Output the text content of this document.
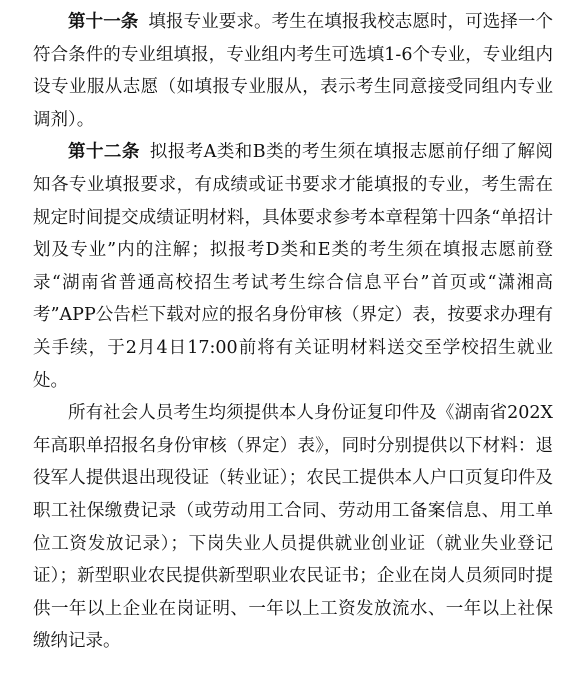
第十一条 填报专业要求。考生在填报我校志愿时，可选择一个符合条件的专业组填报，专业组内考生可选填1-6个专业，专业组内设专业服从志愿（如填报专业服从，表示考生同意接受同组内专业调剂）。

第十二条 拟报考A类和B类的考生须在填报志愿前仔细了解阅知各专业填报要求，有成绩或证书要求才能填报的专业，考生需在规定时间提交成绩证明材料，具体要求参考本章程第十四条“单招计划及专业”内的注解；拟报考D类和E类的考生须在填报志愿前登录“湖南省普通高校招生考试考生综合信息平台”首页或“潇湘高考”APP公告栏下载对应的报名身份审核（界定）表，按要求办理有关手续，于2月4日17:00前将有关证明材料送交至学校招生就业处。

所有社会人员考生均须提供本人身份证复印件及《湖南省202X年高职单招报名身份审核（界定）表》，同时分别提供以下材料：退役军人提供退出现役证（转业证）；农民工提供本人户口页复印件及职工社保缴费记录（或劳动用工合同、劳动用工备案信息、用工单位工资发放记录）；下岗失业人员提供就业创业证（就业失业登记证）；新型职业农民提供新型职业农民证书；企业在岗人员须同时提供一年以上企业在岗证明、一年以上工资发放流水、一年以上社保缴纳记录。
